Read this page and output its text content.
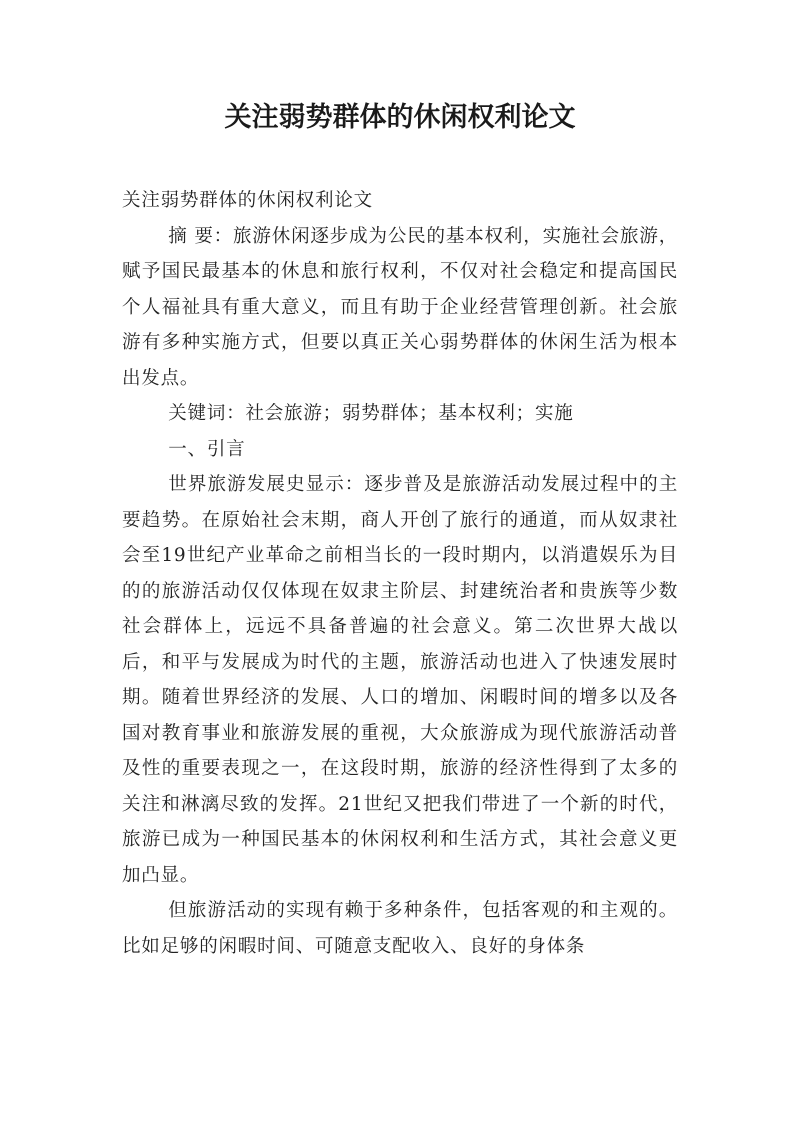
关注弱势群体的休闲权利论文

关注弱势群体的休闲权利论文

摘 要：旅游休闲逐步成为公民的基本权利，实施社会旅游，赋予国民最基本的休息和旅行权利，不仅对社会稳定和提高国民个人福祉具有重大意义，而且有助于企业经营管理创新。社会旅游有多种实施方式，但要以真正关心弱势群体的休闲生活为根本出发点。

关键词：社会旅游；弱势群体；基本权利；实施

一、引言

世界旅游发展史显示：逐步普及是旅游活动发展过程中的主要趋势。在原始社会末期，商人开创了旅行的通道，而从奴隶社会至19世纪产业革命之前相当长的一段时期内，以消遣娱乐为目的的旅游活动仅仅体现在奴隶主阶层、封建统治者和贵族等少数社会群体上，远远不具备普遍的社会意义。第二次世界大战以后，和平与发展成为时代的主题，旅游活动也进入了快速发展时期。随着世界经济的发展、人口的增加、闲暇时间的增多以及各国对教育事业和旅游发展的重视，大众旅游成为现代旅游活动普及性的重要表现之一，在这段时期，旅游的经济性得到了太多的关注和淋漓尽致的发挥。21世纪又把我们带进了一个新的时代，旅游已成为一种国民基本的休闲权利和生活方式，其社会意义更加凸显。

但旅游活动的实现有赖于多种条件，包括客观的和主观的。比如足够的闲暇时间、可随意支配收入、良好的身体条
